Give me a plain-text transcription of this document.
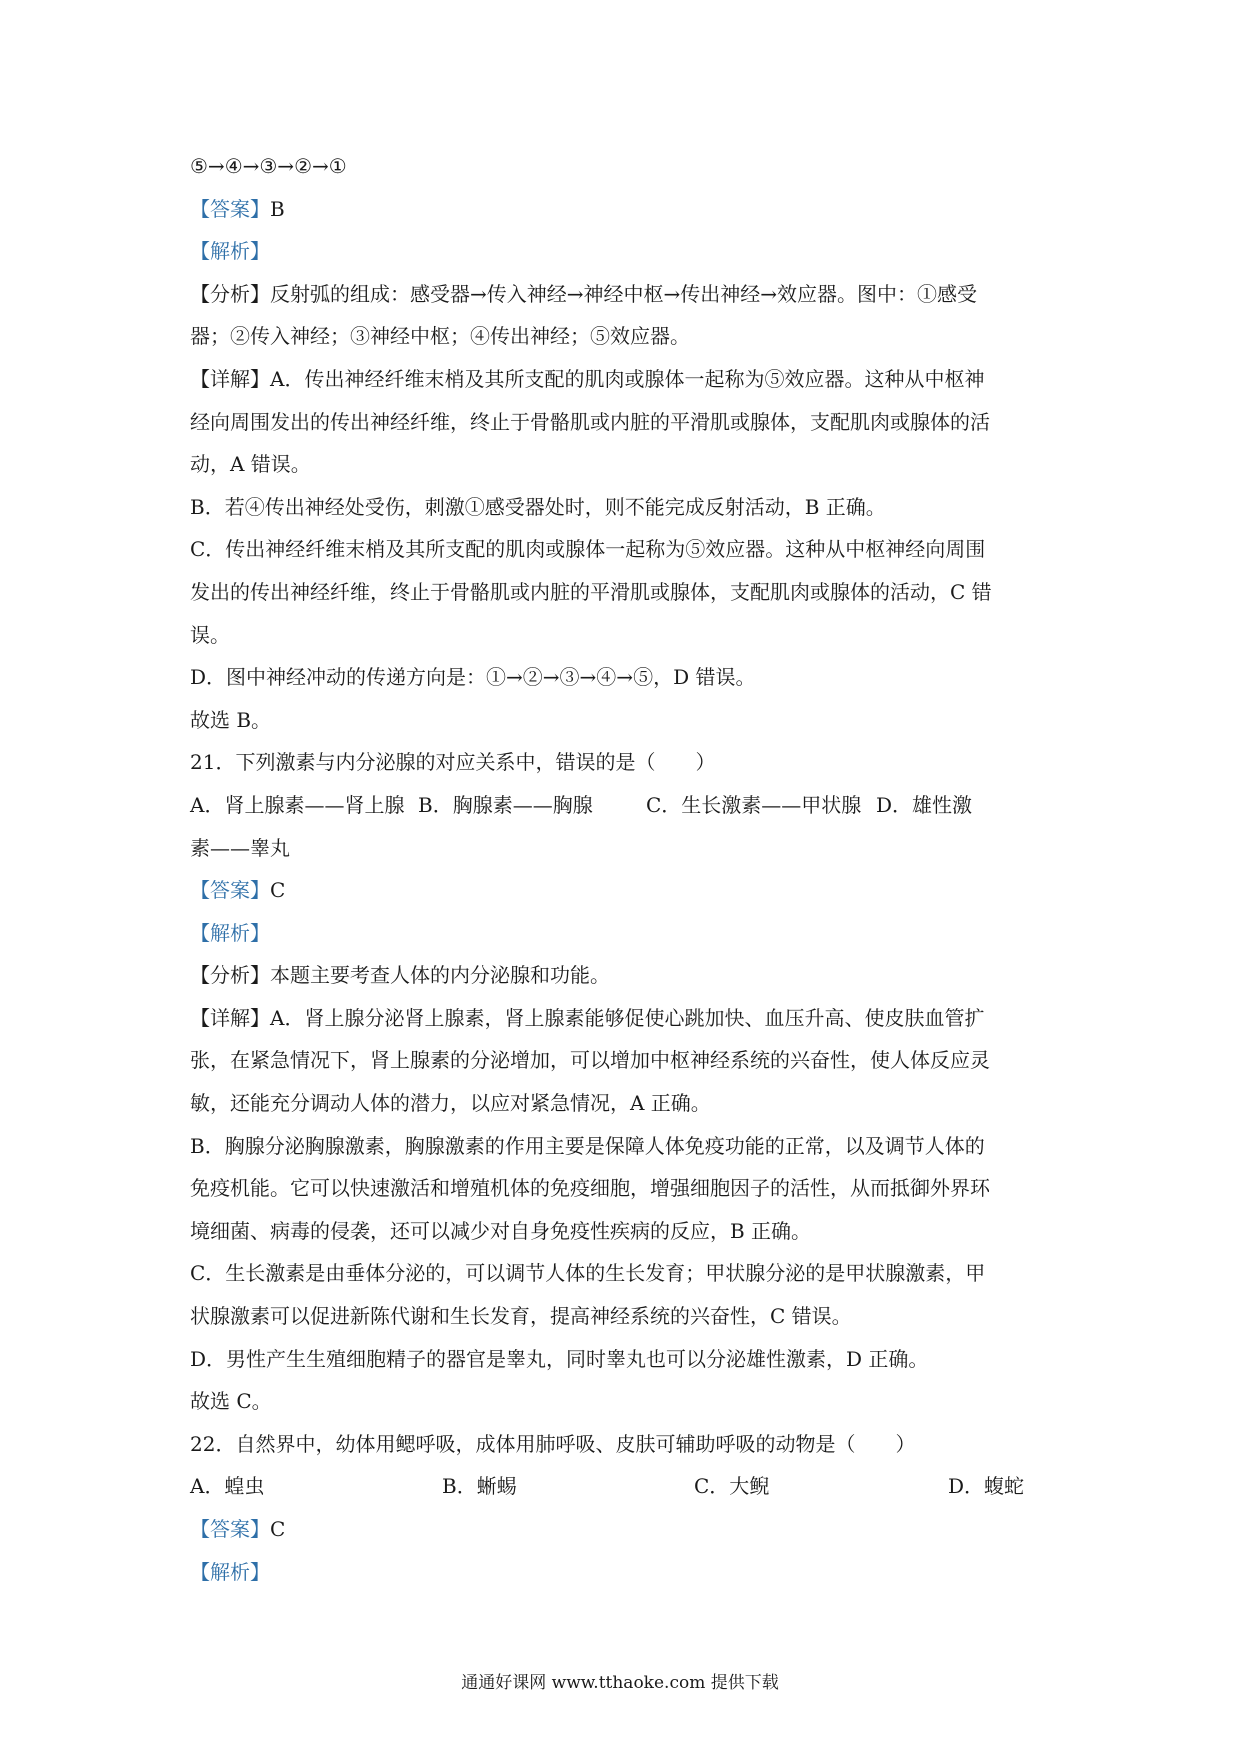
⑤→④→③→②→①
【答案】B
【解析】
【分析】反射弧的组成：感受器→传入神经→神经中枢→传出神经→效应器。图中：①感受
器；②传入神经；③神经中枢；④传出神经；⑤效应器。
【详解】A．传出神经纤维末梢及其所支配的肌肉或腺体一起称为⑤效应器。这种从中枢神
经向周围发出的传出神经纤维，终止于骨骼肌或内脏的平滑肌或腺体，支配肌肉或腺体的活
动，A 错误。
B．若④传出神经处受伤，刺激①感受器处时，则不能完成反射活动，B 正确。
C．传出神经纤维末梢及其所支配的肌肉或腺体一起称为⑤效应器。这种从中枢神经向周围
发出的传出神经纤维，终止于骨骼肌或内脏的平滑肌或腺体，支配肌肉或腺体的活动，C 错
误。
D．图中神经冲动的传递方向是：①→②→③→④→⑤，D 错误。
故选 B。
21．下列激素与内分泌腺的对应关系中，错误的是（　　）
A．肾上腺素——肾上腺 B．胸腺素——胸腺	C．生长激素——甲状腺 D．雄性激
素——睾丸
【答案】C
【解析】
【分析】本题主要考查人体的内分泌腺和功能。
【详解】A．肾上腺分泌肾上腺素，肾上腺素能够促使心跳加快、血压升高、使皮肤血管扩
张，在紧急情况下，肾上腺素的分泌增加，可以增加中枢神经系统的兴奋性，使人体反应灵
敏，还能充分调动人体的潜力，以应对紧急情况，A 正确。
B．胸腺分泌胸腺激素，胸腺激素的作用主要是保障人体免疫功能的正常，以及调节人体的
免疫机能。它可以快速激活和增殖机体的免疫细胞，增强细胞因子的活性，从而抵御外界环
境细菌、病毒的侵袭，还可以减少对自身免疫性疾病的反应，B 正确。
C．生长激素是由垂体分泌的，可以调节人体的生长发育；甲状腺分泌的是甲状腺激素，甲
状腺激素可以促进新陈代谢和生长发育，提高神经系统的兴奋性，C 错误。
D．男性产生生殖细胞精子的器官是睾丸，同时睾丸也可以分泌雄性激素，D 正确。
故选 C。
22．自然界中，幼体用鳃呼吸，成体用肺呼吸、皮肤可辅助呼吸的动物是（　　）
A．蝗虫	B．蜥蜴	C．大鲵	D．蝮蛇
【答案】C
【解析】
通通好课网 www.tthaoke.com 提供下载
